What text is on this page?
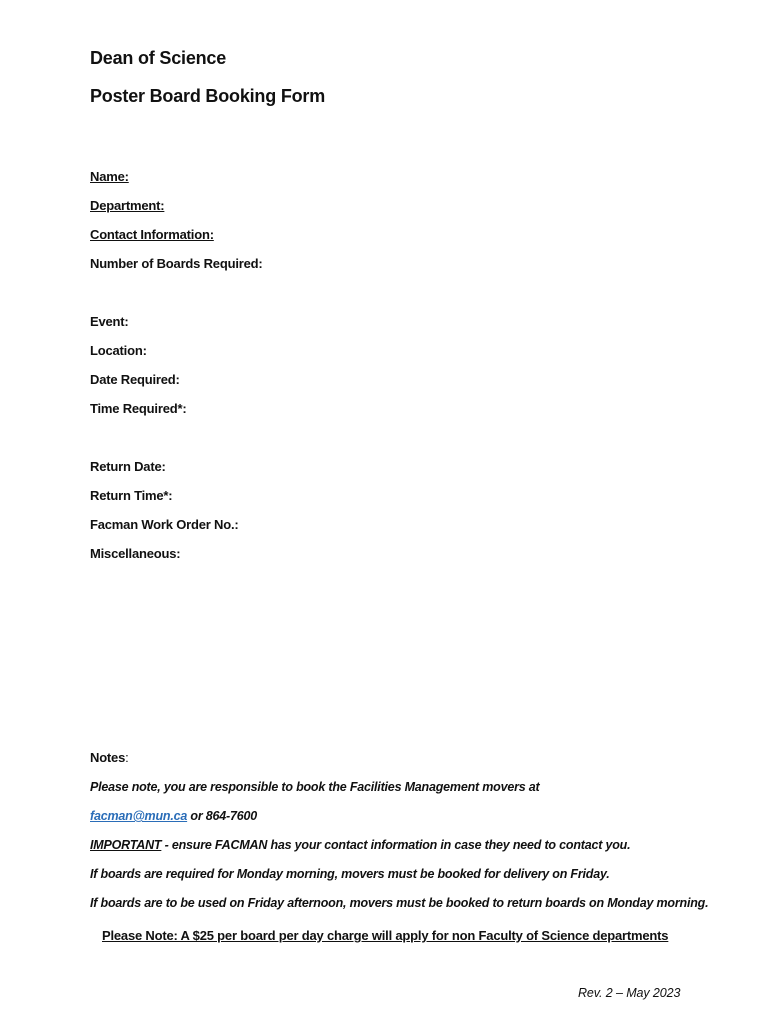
Dean of Science
Poster Board Booking Form
Name:
Department:
Contact Information:
Number of Boards Required:
Event:
Location:
Date Required:
Time Required*:
Return Date:
Return Time*:
Facman Work Order No.:
Miscellaneous:
Notes:
Please note, you are responsible to book the Facilities Management movers at
facman@mun.ca or 864-7600
IMPORTANT - ensure FACMAN has your contact information in case they need to contact you.
If boards are required for Monday morning, movers must be booked for delivery on Friday.
If boards are to be used on Friday afternoon, movers must be booked to return boards on Monday morning.
Please Note: A $25 per board per day charge will apply for non Faculty of Science departments
Rev. 2 – May 2023
